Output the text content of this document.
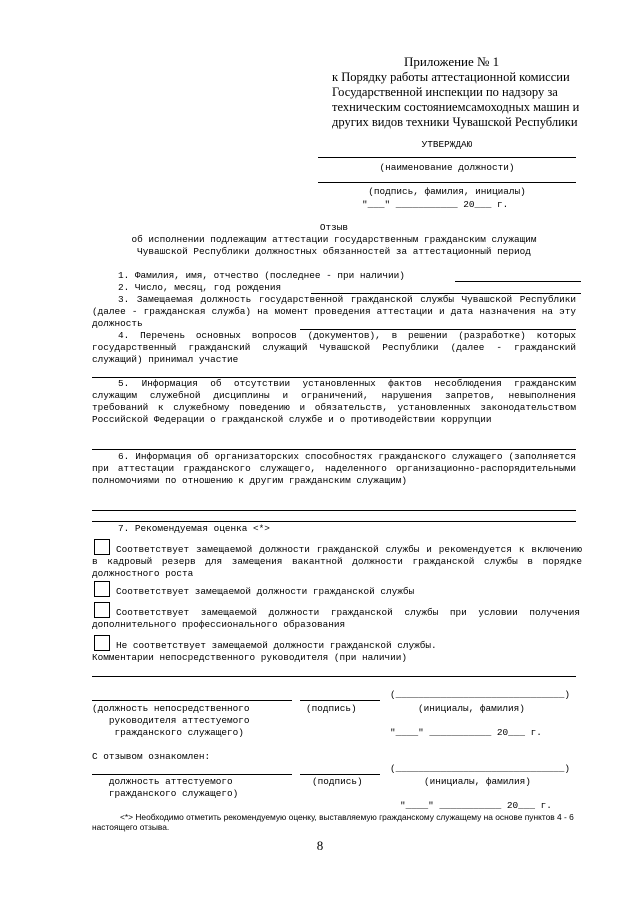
Приложение № 1
к Порядку работы аттестационной комиссии
Государственной инспекции по надзору за
техническим состояниемсамоходных машин и
других видов техники Чувашской Республики
УТВЕРЖДАЮ
(наименование должности)
(подпись, фамилия, инициалы)
"___" ___________ 20___ г.
Отзыв
об исполнении подлежащим аттестации государственным гражданским служащим
Чувашской Республики должностных обязанностей за аттестационный период
1. Фамилия, имя, отчество (последнее - при наличии)
2. Число, месяц, год рождения
3. Замещаемая должность государственной гражданской службы Чувашской Республики (далее - гражданская служба) на момент проведения аттестации и дата назначения на эту должность
4. Перечень основных вопросов (документов), в решении (разработке) которых государственный гражданский служащий Чувашской Республики (далее - гражданский служащий) принимал участие
5. Информация об отсутствии установленных фактов несоблюдения гражданским служащим служебной дисциплины и ограничений, нарушения запретов, невыполнения требований к служебному поведению и обязательств, установленных законодательством Российской Федерации о гражданской службе и о противодействии коррупции
6. Информация об организаторских способностях гражданского служащего (заполняется при аттестации гражданского служащего, наделенного организационно-распорядительными полномочиями по отношению к другим гражданским служащим)
7. Рекомендуемая оценка <*>
Соответствует замещаемой должности гражданской службы и рекомендуется к включению в кадровый резерв для замещения вакантной должности гражданской службы в порядке должностного роста
Соответствует замещаемой должности гражданской службы
Соответствует замещаемой должности гражданской службы при условии получения дополнительного профессионального образования
Не соответствует замещаемой должности гражданской службы.
Комментарии непосредственного руководителя (при наличии)
(______________________________)
(должность непосредственного
руководителя аттестуемого
гражданского служащего)
(подпись)	(инициалы, фамилия)
"____" ___________ 20___ г.
С отзывом ознакомлен:
(______________________________)
должность аттестуемого
гражданского служащего)
(подпись)	(инициалы, фамилия)
"____" ___________ 20___ г.
<*> Необходимо отметить рекомендуемую оценку, выставляемую гражданскому служащему на основе пунктов 4 - 6 настоящего отзыва.
8
